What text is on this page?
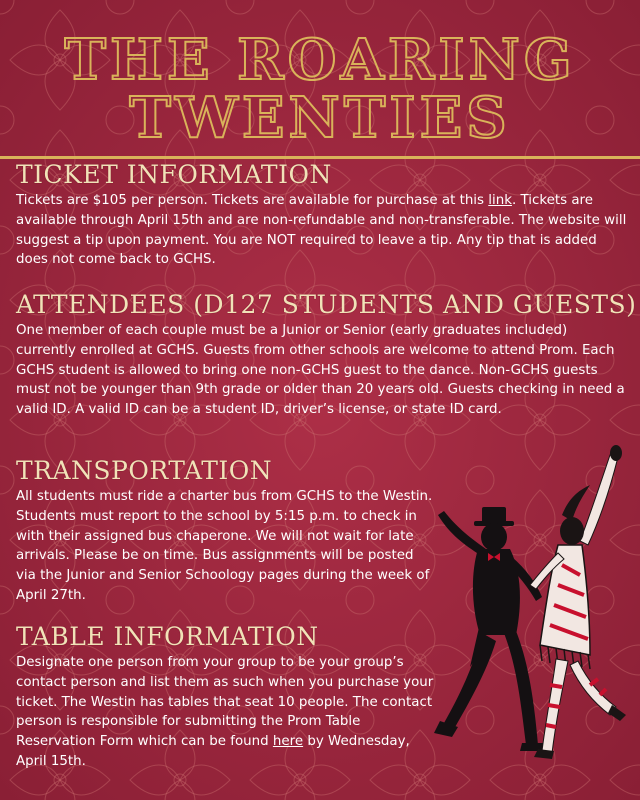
THE ROARING
TWENTIES
TICKET INFORMATION
Tickets are $105 per person. Tickets are available for purchase at this link. Tickets are available through April 15th and are non-refundable and non-transferable. The website will suggest a tip upon payment. You are NOT required to leave a tip. Any tip that is added does not come back to GCHS.
ATTENDEES (D127 STUDENTS AND GUESTS)
One member of each couple must be a Junior or Senior (early graduates included) currently enrolled at GCHS. Guests from other schools are welcome to attend Prom. Each GCHS student is allowed to bring one non-GCHS guest to the dance. Non-GCHS guests must not be younger than 9th grade or older than 20 years old. Guests checking in need a valid ID. A valid ID can be a student ID, driver’s license, or state ID card.
TRANSPORTATION
All students must ride a charter bus from GCHS to the Westin. Students must report to the school by 5:15 p.m. to check in with their assigned bus chaperone. We will not wait for late arrivals. Please be on time. Bus assignments will be posted via the Junior and Senior Schoology pages during the week of April 27th.
TABLE INFORMATION
Designate one person from your group to be your group’s contact person and list them as such when you purchase your ticket. The Westin has tables that seat 10 people. The contact person is responsible for submitting the Prom Table Reservation Form which can be found here by Wednesday, April 15th.
